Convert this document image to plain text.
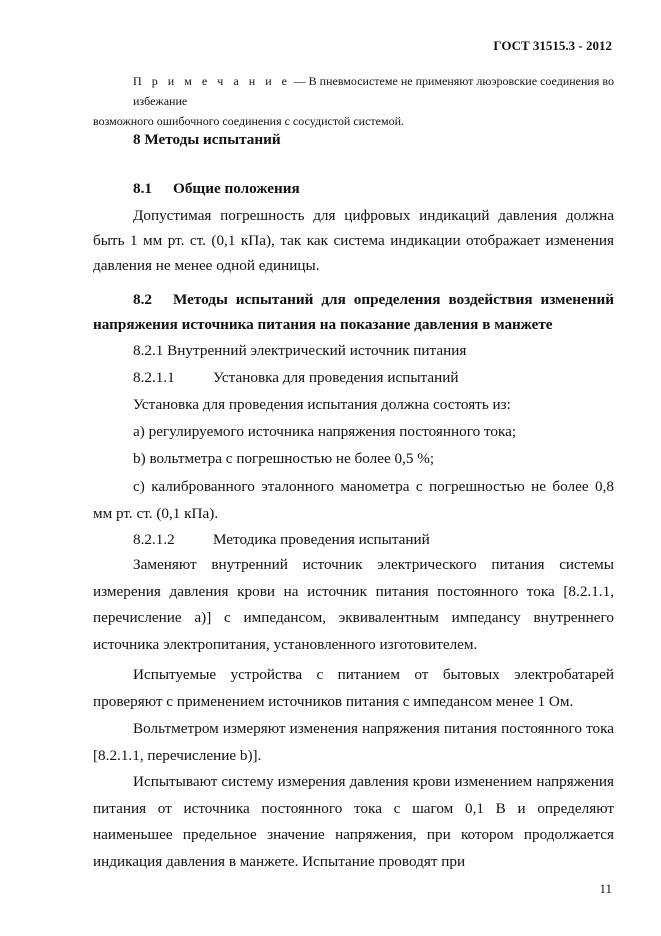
ГОСТ 31515.3 - 2012
П р и м е ч а н и е — В пневмосистеме не применяют люэровские соединения во избежание возможного ошибочного соединения с сосудистой системой.
8 Методы испытаний
8.1 Общие положения
Допустимая погрешность для цифровых индикаций давления должна быть 1 мм рт. ст. (0,1 кПа), так как система индикации отображает изменения давления не менее одной единицы.
8.2 Методы испытаний для определения воздействия изменений напряжения источника питания на показание давления в манжете
8.2.1 Внутренний электрический источник питания
8.2.1.1	Установка для проведения испытаний
Установка для проведения испытания должна состоять из:
а) регулируемого источника напряжения постоянного тока;
b) вольтметра с погрешностью не более 0,5 %;
с) калиброванного эталонного манометра с погрешностью не более 0,8 мм рт. ст. (0,1 кПа).
8.2.1.2	Методика проведения испытаний
Заменяют внутренний источник электрического питания системы измерения давления крови на источник питания постоянного тока [8.2.1.1, перечисление а)] с импедансом, эквивалентным импедансу внутреннего источника электропитания, установленного изготовителем.
Испытуемые устройства с питанием от бытовых электробатарей проверяют с применением источников питания с импедансом менее 1 Ом.
Вольтметром измеряют изменения напряжения питания постоянного тока [8.2.1.1, перечисление b)].
Испытывают систему измерения давления крови изменением напряжения питания от источника постоянного тока с шагом 0,1 В и определяют наименьшее предельное значение напряжения, при котором продолжается индикация давления в манжете. Испытание проводят при
11
